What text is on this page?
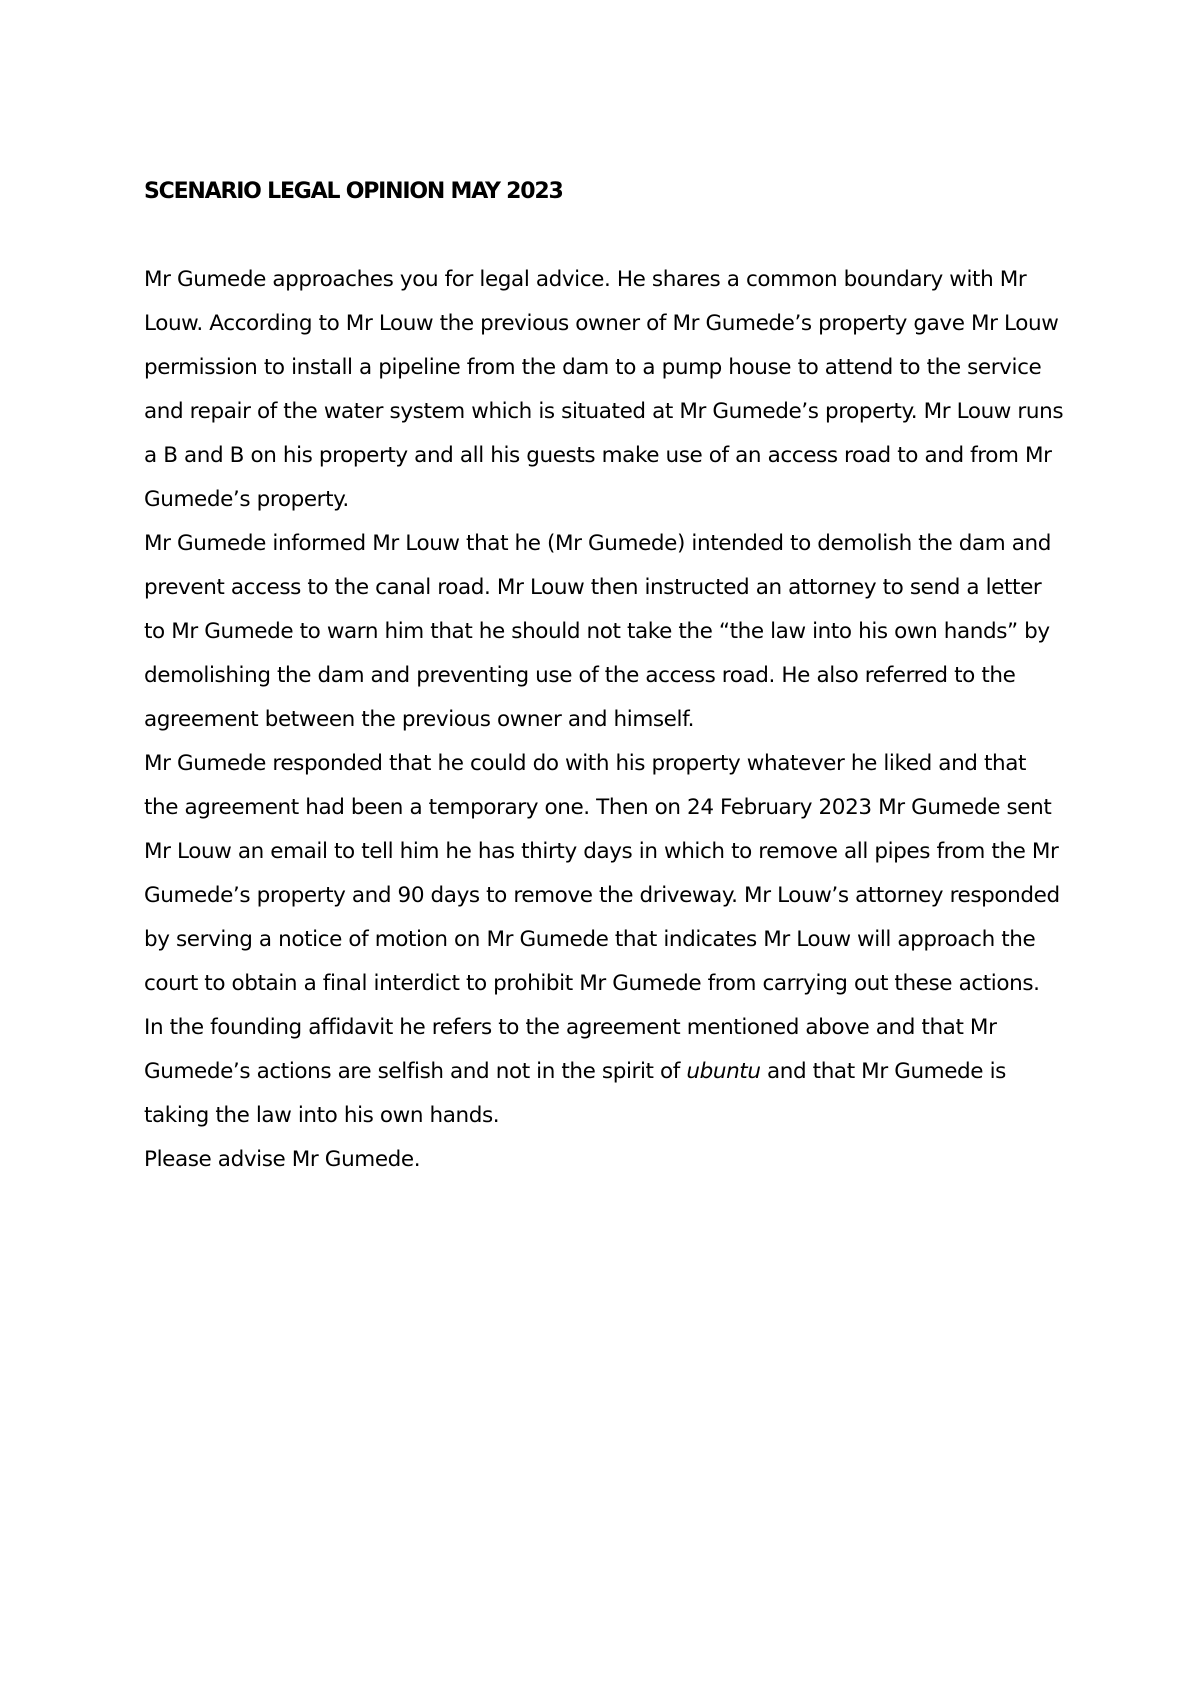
SCENARIO LEGAL OPINION MAY 2023

Mr Gumede approaches you for legal advice. He shares a common boundary with Mr Louw. According to Mr Louw the previous owner of Mr Gumede’s property gave Mr Louw permission to install a pipeline from the dam to a pump house to attend to the service and repair of the water system which is situated at Mr Gumede’s property. Mr Louw runs a B and B on his property and all his guests make use of an access road to and from Mr Gumede’s property.

Mr Gumede informed Mr Louw that he (Mr Gumede) intended to demolish the dam and prevent access to the canal road. Mr Louw then instructed an attorney to send a letter to Mr Gumede to warn him that he should not take the “the law into his own hands” by demolishing the dam and preventing use of the access road. He also referred to the agreement between the previous owner and himself.

Mr Gumede responded that he could do with his property whatever he liked and that the agreement had been a temporary one. Then on 24 February 2023 Mr Gumede sent Mr Louw an email to tell him he has thirty days in which to remove all pipes from the Mr Gumede’s property and 90 days to remove the driveway. Mr Louw’s attorney responded by serving a notice of motion on Mr Gumede that indicates Mr Louw will approach the court to obtain a final interdict to prohibit Mr Gumede from carrying out these actions. In the founding affidavit he refers to the agreement mentioned above and that Mr Gumede’s actions are selfish and not in the spirit of ubuntu and that Mr Gumede is taking the law into his own hands.

Please advise Mr Gumede.
